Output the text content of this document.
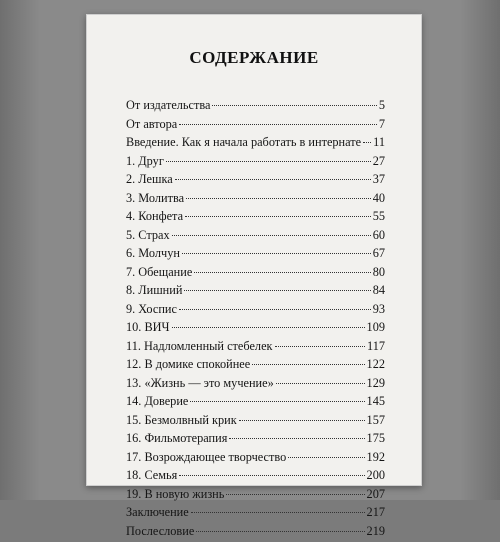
СОДЕРЖАНИЕ
От издательства	5
От автора	7
Введение. Как я начала работать в интернате 11
1. Друг	27
2. Лешка	37
3. Молитва	40
4. Конфета	55
5. Страх	60
6. Молчун	67
7. Обещание	80
8. Лишний	84
9. Хоспис	93
10. ВИЧ	109
11. Надломленный стебелек	117
12. В домике спокойнее	122
13. «Жизнь — это мучение»	129
14. Доверие	145
15. Безмолвный крик	157
16. Фильмотерапия	175
17. Возрождающее творчество	192
18. Семья	200
19. В новую жизнь	207
Заключение	217
Послесловие	219
